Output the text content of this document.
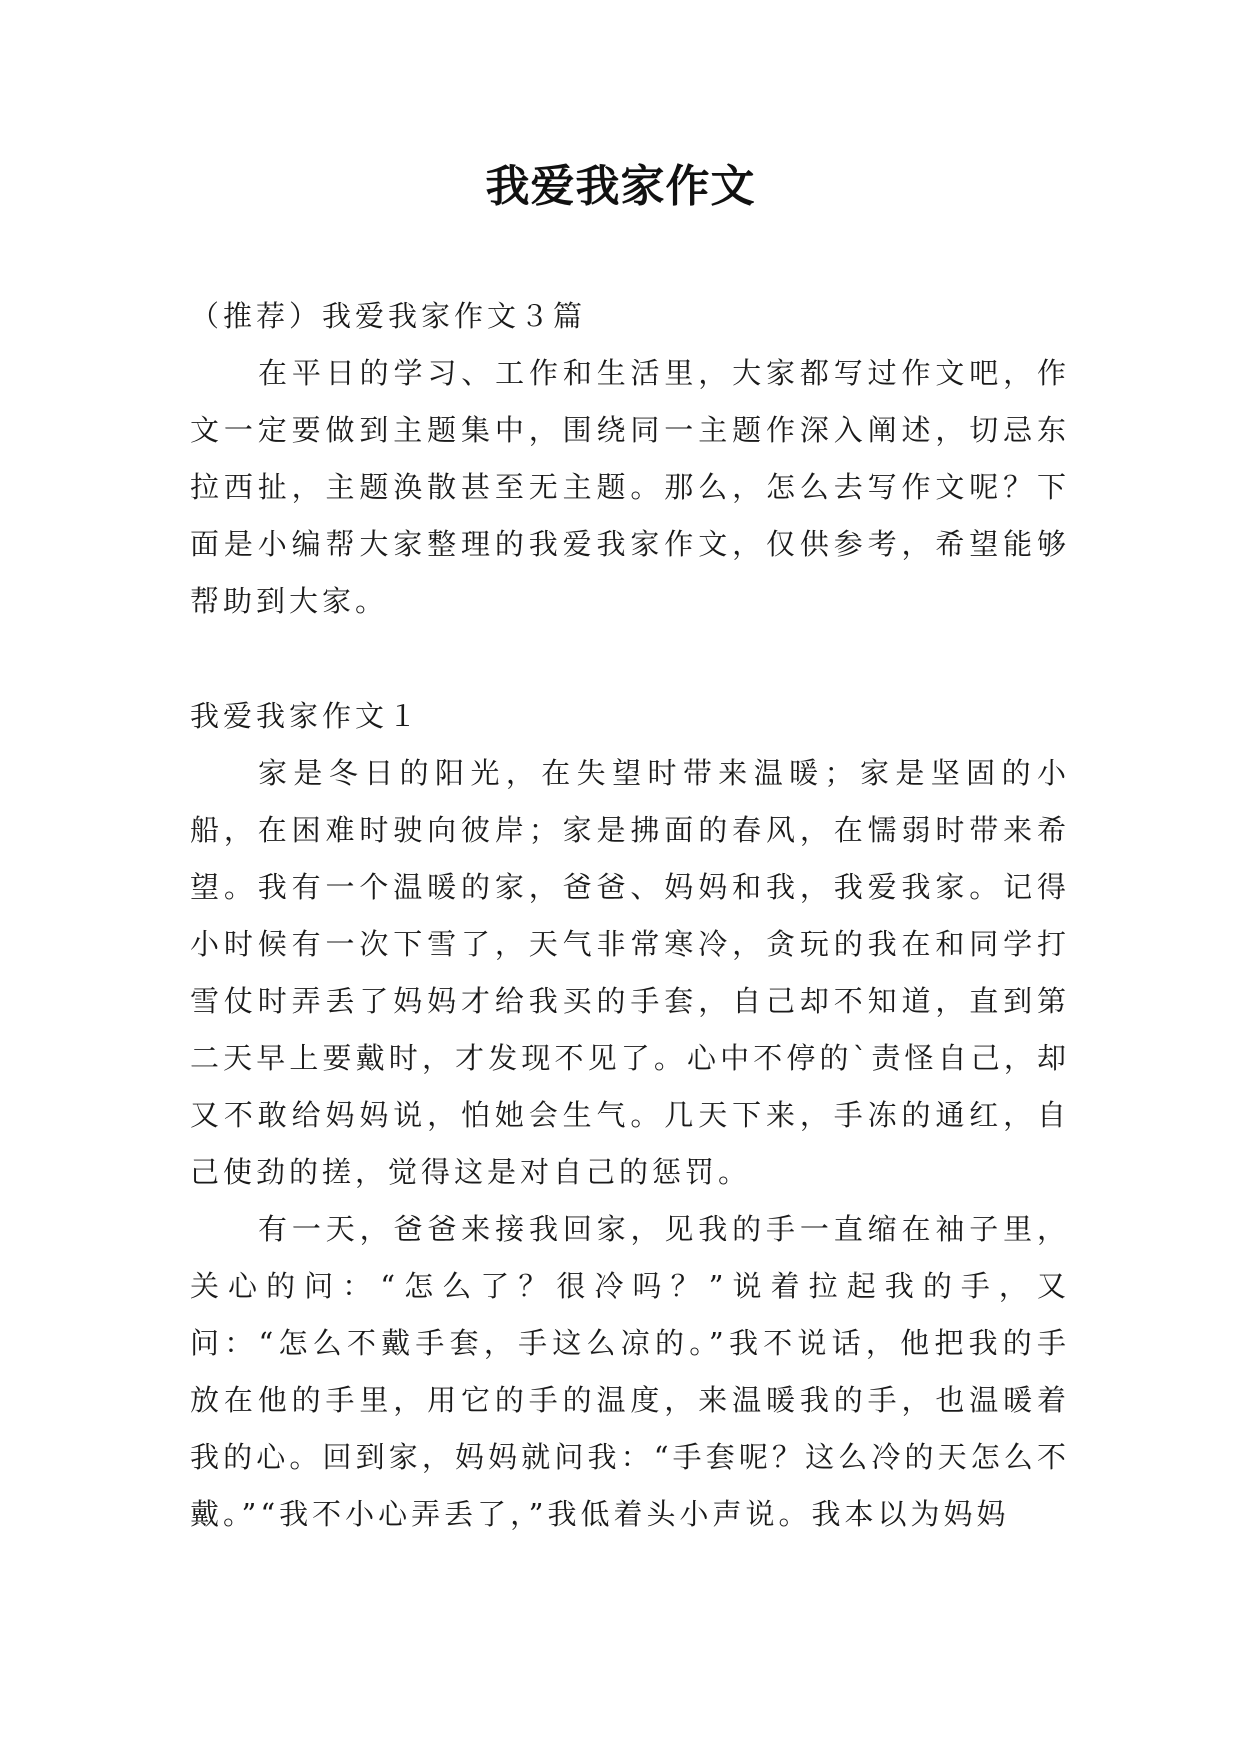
我爱我家作文

（推荐）我爱我家作文３篇

在平日的学习、工作和生活里，大家都写过作文吧，作文一定要做到主题集中，围绕同一主题作深入阐述，切忌东拉西扯，主题涣散甚至无主题。那么，怎么去写作文呢？下面是小编帮大家整理的我爱我家作文，仅供参考，希望能够帮助到大家。

我爱我家作文１

家是冬日的阳光，在失望时带来温暖；家是坚固的小船，在困难时驶向彼岸；家是拂面的春风，在懦弱时带来希望。我有一个温暖的家，爸爸、妈妈和我，我爱我家。记得小时候有一次下雪了，天气非常寒冷，贪玩的我在和同学打雪仗时弄丢了妈妈才给我买的手套，自己却不知道，直到第二天早上要戴时，才发现不见了。心中不停的`责怪自己，却又不敢给妈妈说，怕她会生气。几天下来，手冻的通红，自己使劲的搓，觉得这是对自己的惩罚。

有一天，爸爸来接我回家，见我的手一直缩在袖子里，关心的问：“怎么了？很冷吗？”说着拉起我的手，又问：“怎么不戴手套，手这么凉的。”我不说话，他把我的手放在他的手里，用它的手的温度，来温暖我的手，也温暖着我的心。回到家，妈妈就问我：“手套呢？这么冷的天怎么不戴。”“我不小心弄丢了，”我低着头小声说。我本以为妈妈
